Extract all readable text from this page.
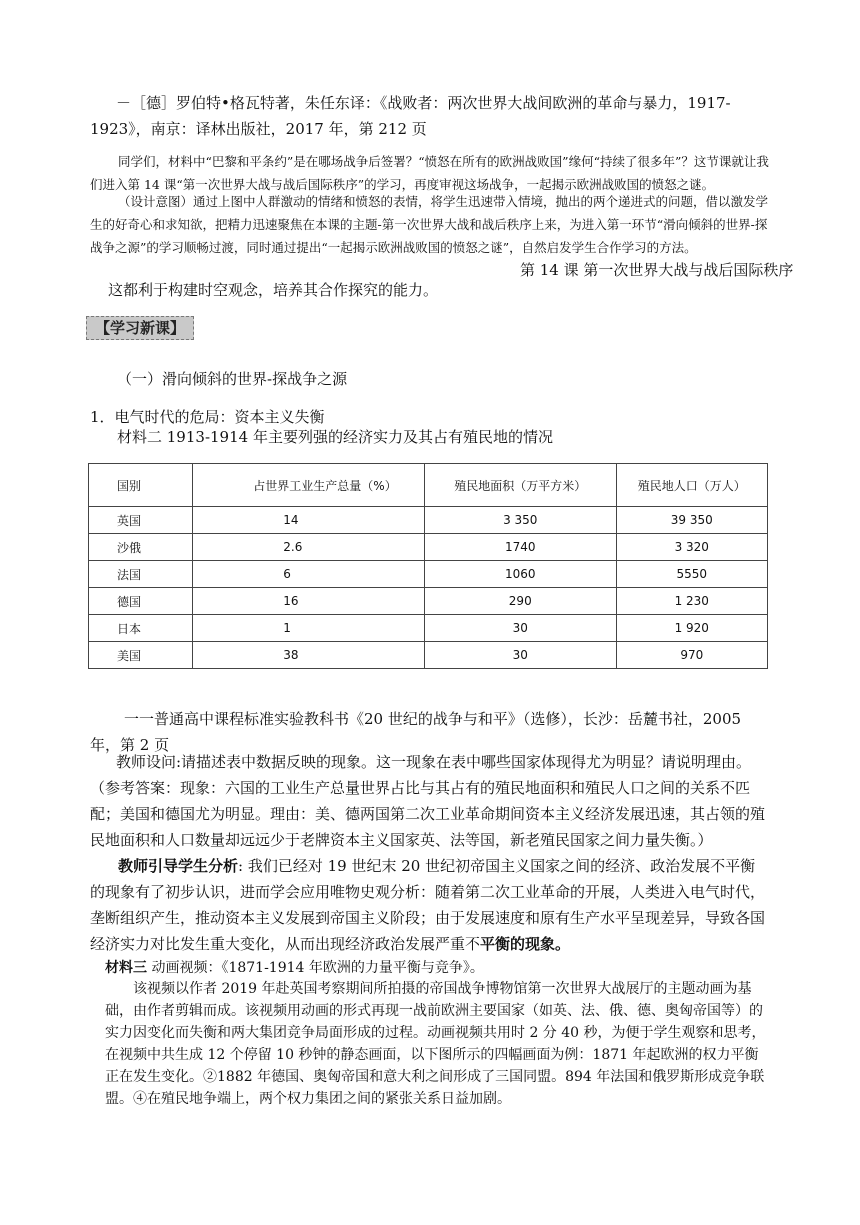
－［德］罗伯特•格瓦特著，朱任东译：《战败者：两次世界大战间欧洲的革命与暴力，1917-1923》，南京：译林出版社，2017 年，第 212 页
同学们，材料中“巴黎和平条约”是在哪场战争后签署？“愤怒在所有的欧洲战败国”缘何“持续了很多年”？这节课就让我们进入第 14 课“第一次世界大战与战后国际秩序”的学习，再度审视这场战争，一起揭示欧洲战败国的愤怒之谜。
（设计意图）通过上图中人群激动的情绪和愤怒的表情，将学生迅速带入情境，抛出的两个递进式的问题，借以激发学生的好奇心和求知欲，把精力迅速聚焦在本课的主题-第一次世界大战和战后秩序上来，为进入第一环节“滑向倾斜的世界-探战争之源”的学习顺畅过渡，同时通过提出“一起揭示欧洲战败国的愤怒之谜”，自然启发学生合作学习的方法。
第 14 课 第一次世界大战与战后国际秩序
这都利于构建时空观念，培养其合作探究的能力。
【学习新课】
（一）滑向倾斜的世界-探战争之源
1．电气时代的危局：资本主义失衡
材料二 1913-1914 年主要列强的经济实力及其占有殖民地的情况
国别	占世界工业生产总量（%）	殖民地面积（万平方米）	殖民地人口（万人）
英国	14	3 350	39 350
沙俄	2.6	1740	3 320
法国	6	1060	5550
德国	16	290	1 230
日本	1	30	1 920
美国	38	30	970
一一普通高中课程标准实验教科书《20 世纪的战争与和平》（选修），长沙：岳麓书社，2005 年，第 2 页
教师设问:请描述表中数据反映的现象。这一现象在表中哪些国家体现得尤为明显？请说明理由。
（参考答案：现象：六国的工业生产总量世界占比与其占有的殖民地面积和殖民人口之间的关系不匹配；美国和德国尤为明显。理由：美、德两国第二次工业革命期间资本主义经济发展迅速，其占领的殖民地面积和人口数量却远远少于老牌资本主义国家英、法等国，新老殖民国家之间力量失衡。）
教师引导学生分析: 我们已经对 19 世纪末 20 世纪初帝国主义国家之间的经济、政治发展不平衡的现象有了初步认识，进而学会应用唯物史观分析：随着第二次工业革命的开展，人类进入电气时代，垄断组织产生，推动资本主义发展到帝国主义阶段；由于发展速度和原有生产水平呈现差异，导致各国经济实力对比发生重大变化，从而出现经济政治发展严重不平衡的现象。
材料三 动画视频：《1871-1914 年欧洲的力量平衡与竞争》。
该视频以作者 2019 年赴英国考察期间所拍摄的帝国战争博物馆第一次世界大战展厅的主题动画为基础，由作者剪辑而成。该视频用动画的形式再现一战前欧洲主要国家（如英、法、俄、德、奥匈帝国等）的实力因变化而失衡和两大集团竞争局面形成的过程。动画视频共用时 2 分 40 秒，为便于学生观察和思考，在视频中共生成 12 个停留 10 秒钟的静态画面，以下图所示的四幅画面为例：1871 年起欧洲的权力平衡正在发生变化。②1882 年德国、奥匈帝国和意大利之间形成了三国同盟。894 年法国和俄罗斯形成竞争联盟。④在殖民地争端上，两个权力集团之间的紧张关系日益加剧。
